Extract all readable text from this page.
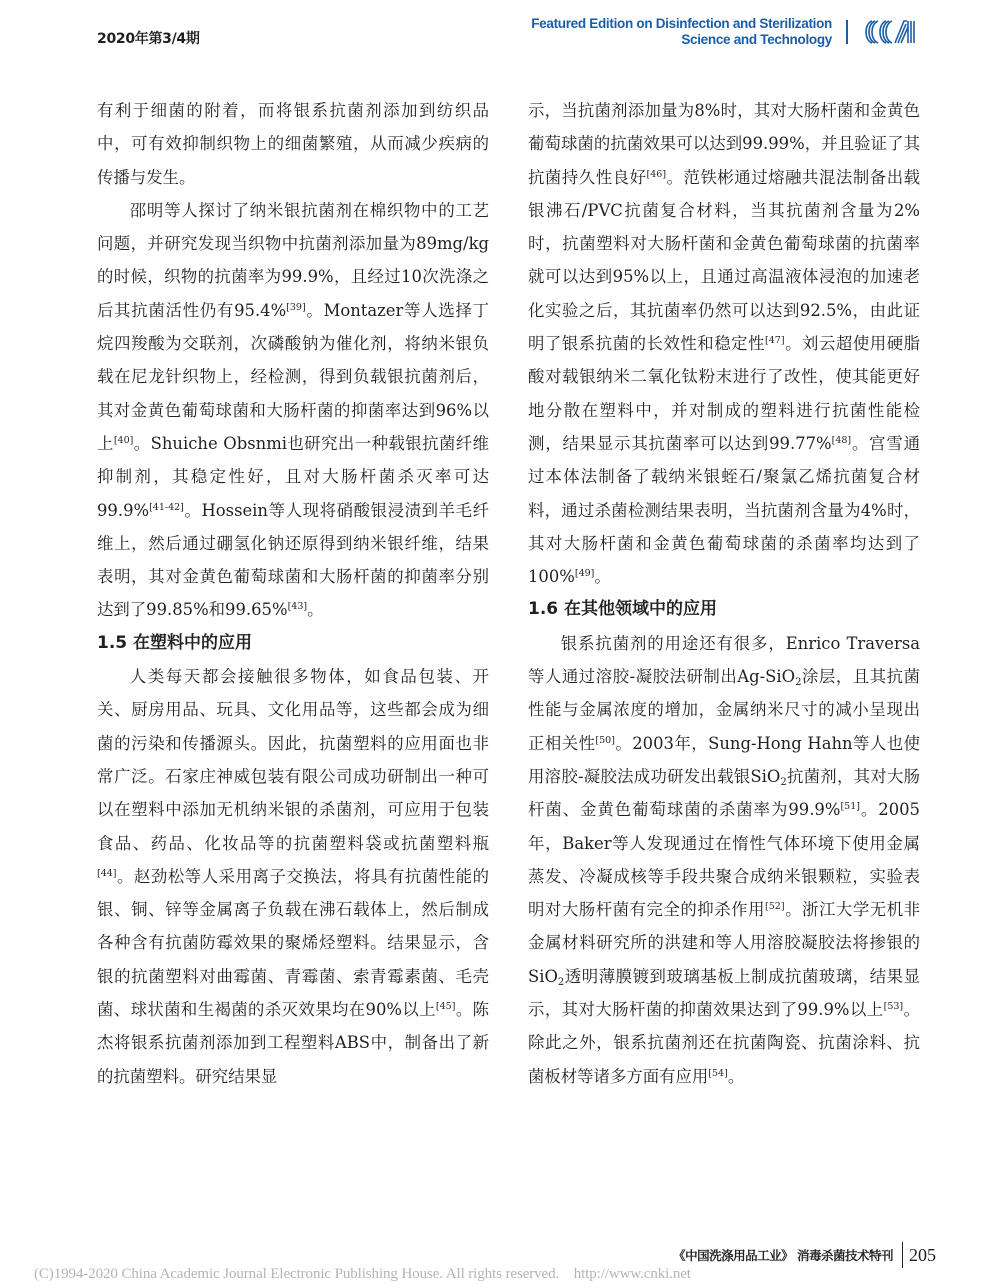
2020年第3/4期
Featured Edition on Disinfection and Sterilization
Science and Technology

有利于细菌的附着，而将银系抗菌剂添加到纺织品中，可有效抑制织物上的细菌繁殖，从而减少疾病的传播与发生。

邵明等人探讨了纳米银抗菌剂在棉织物中的工艺问题，并研究发现当织物中抗菌剂添加量为89mg/kg的时候，织物的抗菌率为99.9%，且经过10次洗涤之后其抗菌活性仍有95.4%[39]。Montazer等人选择丁烷四羧酸为交联剂，次磷酸钠为催化剂，将纳米银负载在尼龙针织物上，经检测，得到负载银抗菌剂后，其对金黄色葡萄球菌和大肠杆菌的抑菌率达到96%以上[40]。Shuiche Obsnmi也研究出一种载银抗菌纤维抑制剂，其稳定性好，且对大肠杆菌杀灭率可达99.9%[41-42]。Hossein等人现将硝酸银浸渍到羊毛纤维上，然后通过硼氢化钠还原得到纳米银纤维，结果表明，其对金黄色葡萄球菌和大肠杆菌的抑菌率分别达到了99.85%和99.65%[43]。

1.5 在塑料中的应用

人类每天都会接触很多物体，如食品包装、开关、厨房用品、玩具、文化用品等，这些都会成为细菌的污染和传播源头。因此，抗菌塑料的应用面也非常广泛。石家庄神威包装有限公司成功研制出一种可以在塑料中添加无机纳米银的杀菌剂，可应用于包装食品、药品、化妆品等的抗菌塑料袋或抗菌塑料瓶[44]。赵劲松等人采用离子交换法，将具有抗菌性能的银、铜、锌等金属离子负载在沸石载体上，然后制成各种含有抗菌防霉效果的聚烯烃塑料。结果显示，含银的抗菌塑料对曲霉菌、青霉菌、索青霉素菌、毛壳菌、球状菌和生褐菌的杀灭效果均在90%以上[45]。陈杰将银系抗菌剂添加到工程塑料ABS中，制备出了新的抗菌塑料。研究结果显

示，当抗菌剂添加量为8%时，其对大肠杆菌和金黄色葡萄球菌的抗菌效果可以达到99.99%，并且验证了其抗菌持久性良好[46]。范铁彬通过熔融共混法制备出载银沸石/PVC抗菌复合材料，当其抗菌剂含量为2%时，抗菌塑料对大肠杆菌和金黄色葡萄球菌的抗菌率就可以达到95%以上，且通过高温液体浸泡的加速老化实验之后，其抗菌率仍然可以达到92.5%，由此证明了银系抗菌的长效性和稳定性[47]。刘云超使用硬脂酸对载银纳米二氧化钛粉末进行了改性，使其能更好地分散在塑料中，并对制成的塑料进行抗菌性能检测，结果显示其抗菌率可以达到99.77%[48]。宫雪通过本体法制备了载纳米银蛭石/聚氯乙烯抗菌复合材料，通过杀菌检测结果表明，当抗菌剂含量为4%时，其对大肠杆菌和金黄色葡萄球菌的杀菌率均达到了100%[49]。

1.6 在其他领域中的应用

银系抗菌剂的用途还有很多，Enrico Traversa等人通过溶胶-凝胶法研制出Ag-SiO$_2$涂层，且其抗菌性能与金属浓度的增加，金属纳米尺寸的减小呈现出正相关性[50]。2003年，Sung-Hong Hahn等人也使用溶胶-凝胶法成功研发出载银SiO$_2$抗菌剂，其对大肠杆菌、金黄色葡萄球菌的杀菌率为99.9%[51]。2005年，Baker等人发现通过在惰性气体环境下使用金属蒸发、冷凝成核等手段共聚合成纳米银颗粒，实验表明对大肠杆菌有完全的抑杀作用[52]。浙江大学无机非金属材料研究所的洪建和等人用溶胶凝胶法将掺银的SiO$_2$透明薄膜镀到玻璃基板上制成抗菌玻璃，结果显示，其对大肠杆菌的抑菌效果达到了99.9%以上[53]。除此之外，银系抗菌剂还在抗菌陶瓷、抗菌涂料、抗菌板材等诸多方面有应用[54]。

《中国洗涤用品工业》 消毒杀菌技术特刊 205
(C)1994-2020 China Academic Journal Electronic Publishing House. All rights reserved.    http://www.cnki.net
